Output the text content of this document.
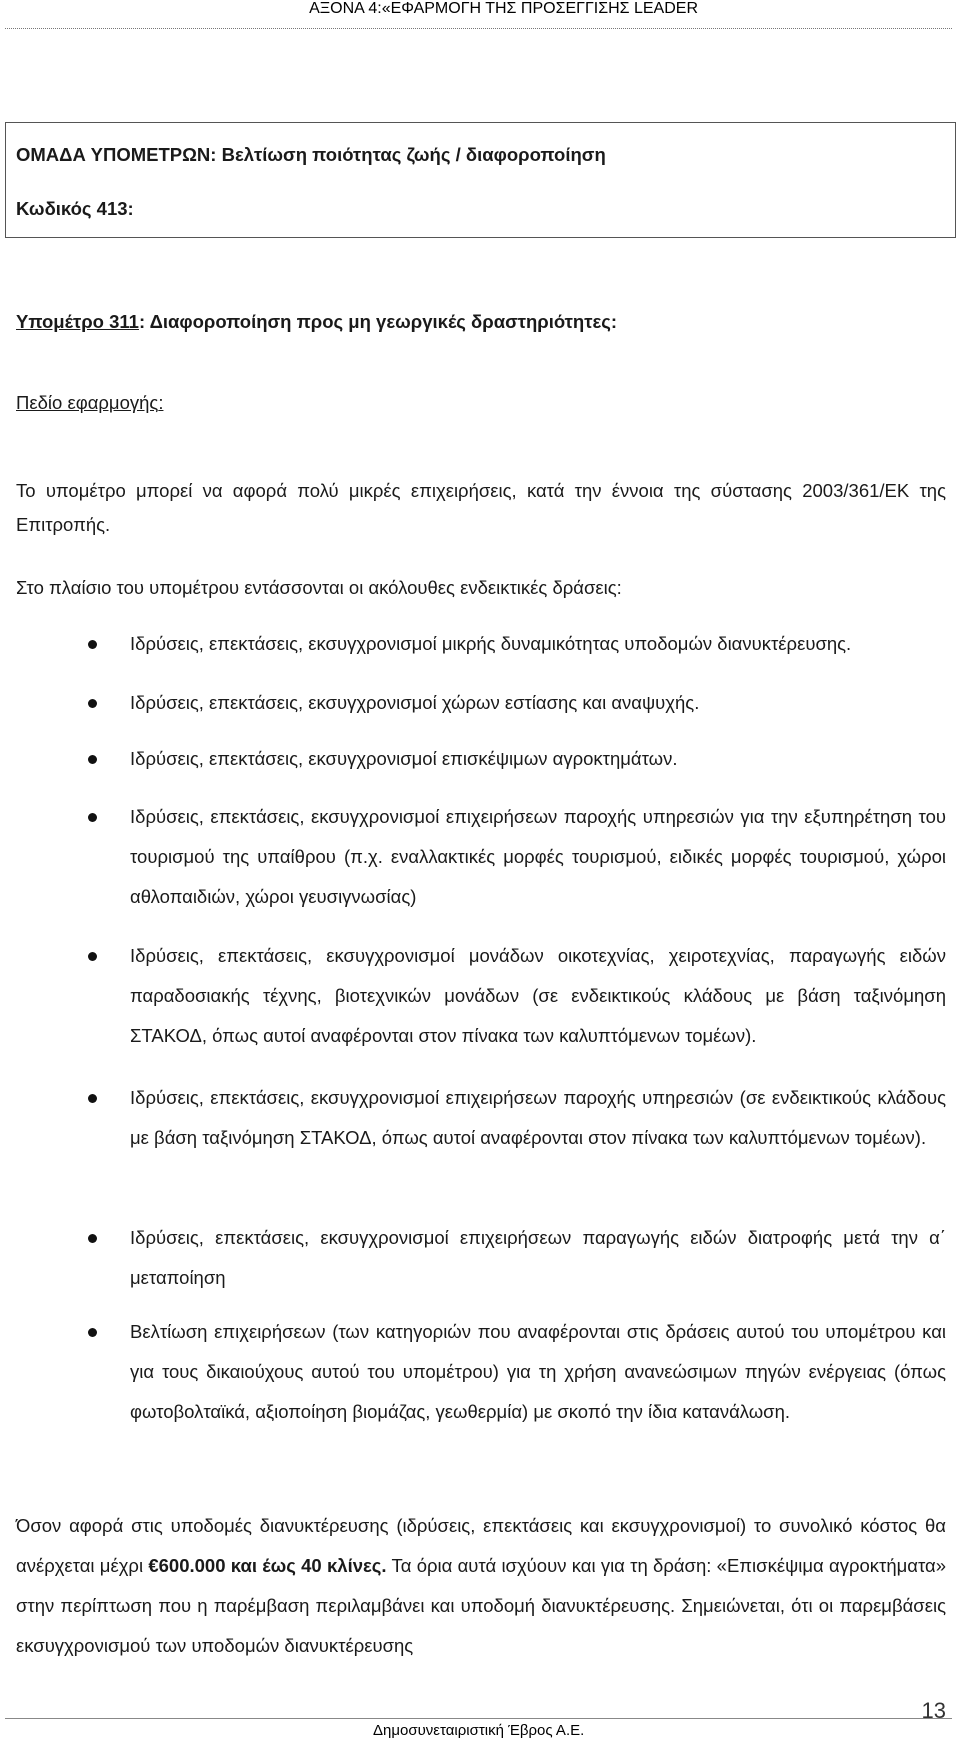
ΑΞΟΝΑ 4:«ΕΦΑΡΜΟΓΗ ΤΗΣ ΠΡΟΣΕΓΓΙΣΗΣ LEADER
ΟΜΑΔΑ ΥΠΟΜΕΤΡΩΝ: Βελτίωση ποιότητας ζωής / διαφοροποίηση
Κωδικός 413:
Υπομέτρο 311: Διαφοροποίηση προς μη γεωργικές δραστηριότητες:
Πεδίο εφαρμογής:
Το υπομέτρο μπορεί να αφορά πολύ μικρές επιχειρήσεις, κατά την έννοια της σύστασης 2003/361/ΕΚ της Επιτροπής.
Στο πλαίσιο του υπομέτρου εντάσσονται οι ακόλουθες ενδεικτικές δράσεις:
Ιδρύσεις, επεκτάσεις, εκσυγχρονισμοί μικρής δυναμικότητας υποδομών διανυκτέρευσης.
Ιδρύσεις, επεκτάσεις, εκσυγχρονισμοί χώρων εστίασης και αναψυχής.
Ιδρύσεις, επεκτάσεις, εκσυγχρονισμοί επισκέψιμων αγροκτημάτων.
Ιδρύσεις, επεκτάσεις, εκσυγχρονισμοί επιχειρήσεων παροχής υπηρεσιών για την εξυπηρέτηση του τουρισμού της υπαίθρου (π.χ. εναλλακτικές μορφές τουρισμού, ειδικές μορφές τουρισμού, χώροι αθλοπαιδιών, χώροι γευσιγνωσίας)
Ιδρύσεις, επεκτάσεις, εκσυγχρονισμοί μονάδων οικοτεχνίας, χειροτεχνίας, παραγωγής ειδών παραδοσιακής τέχνης, βιοτεχνικών μονάδων (σε ενδεικτικούς κλάδους με βάση ταξινόμηση ΣΤΑΚΟΔ, όπως αυτοί αναφέρονται στον πίνακα των καλυπτόμενων τομέων).
Ιδρύσεις, επεκτάσεις, εκσυγχρονισμοί επιχειρήσεων παροχής υπηρεσιών (σε ενδεικτικούς κλάδους με βάση ταξινόμηση ΣΤΑΚΟΔ, όπως αυτοί αναφέρονται στον πίνακα των καλυπτόμενων τομέων).
Ιδρύσεις, επεκτάσεις, εκσυγχρονισμοί επιχειρήσεων παραγωγής ειδών διατροφής μετά την α΄ μεταποίηση
Βελτίωση επιχειρήσεων (των κατηγοριών που αναφέρονται στις δράσεις αυτού του υπομέτρου και για τους δικαιούχους αυτού του υπομέτρου) για τη χρήση ανανεώσιμων πηγών ενέργειας (όπως φωτοβολταϊκά, αξιοποίηση βιομάζας, γεωθερμία) με σκοπό την ίδια κατανάλωση.
Όσον αφορά στις υποδομές διανυκτέρευσης (ιδρύσεις, επεκτάσεις και εκσυγχρονισμοί) το συνολικό κόστος θα ανέρχεται μέχρι €600.000 και έως 40 κλίνες. Τα όρια αυτά ισχύουν και για τη δράση: «Επισκέψιμα αγροκτήματα» στην περίπτωση που η παρέμβαση περιλαμβάνει και υποδομή διανυκτέρευσης. Σημειώνεται, ότι οι παρεμβάσεις εκσυγχρονισμού των υποδομών διανυκτέρευσης
13
Δημοσυνεταιριστική Έβρος Α.Ε.
